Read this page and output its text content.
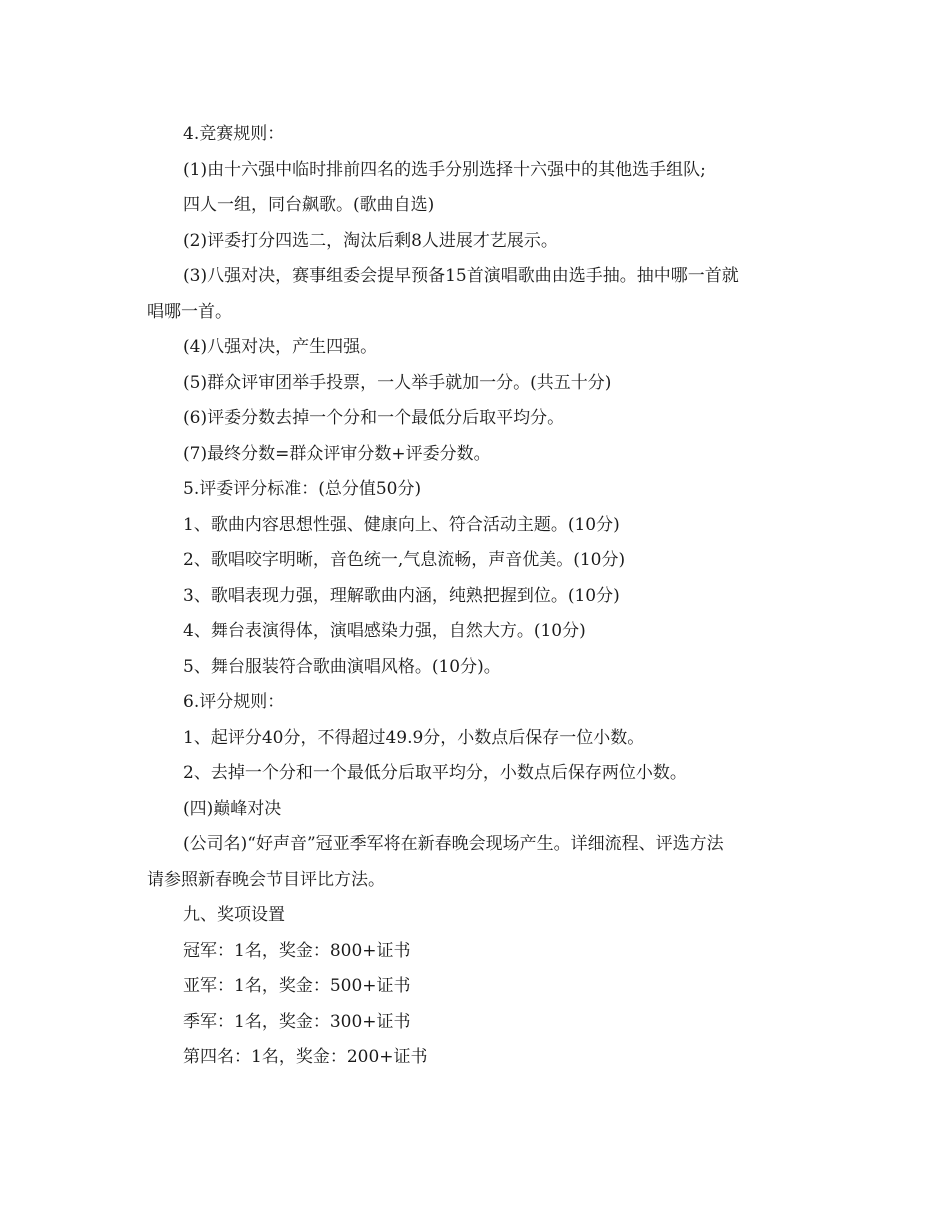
4.竞赛规则：

(1)由十六强中临时排前四名的选手分别选择十六强中的其他选手组队;

四人一组，同台飙歌。(歌曲自选)

(2)评委打分四选二，淘汰后剩8人进展才艺展示。

(3)八强对决，赛事组委会提早预备15首演唱歌曲由选手抽。抽中哪一首就

唱哪一首。

(4)八强对决，产生四强。

(5)群众评审团举手投票，一人举手就加一分。(共五十分)

(6)评委分数去掉一个分和一个最低分后取平均分。

(7)最终分数=群众评审分数+评委分数。

5.评委评分标准：(总分值50分)

1、歌曲内容思想性强、健康向上、符合活动主题。(10分)

2、歌唱咬字明晰，音色统一,气息流畅，声音优美。(10分)

3、歌唱表现力强，理解歌曲内涵，纯熟把握到位。(10分)

4、舞台表演得体，演唱感染力强，自然大方。(10分)

5、舞台服装符合歌曲演唱风格。(10分)。

6.评分规则：

1、起评分40分，不得超过49.9分，小数点后保存一位小数。

2、去掉一个分和一个最低分后取平均分，小数点后保存两位小数。

(四)巅峰对决

(公司名)“好声音”冠亚季军将在新春晚会现场产生。详细流程、评选方法

请参照新春晚会节目评比方法。

九、奖项设置

冠军：1名，奖金：800+证书

亚军：1名，奖金：500+证书

季军：1名，奖金：300+证书

第四名：1名，奖金：200+证书
